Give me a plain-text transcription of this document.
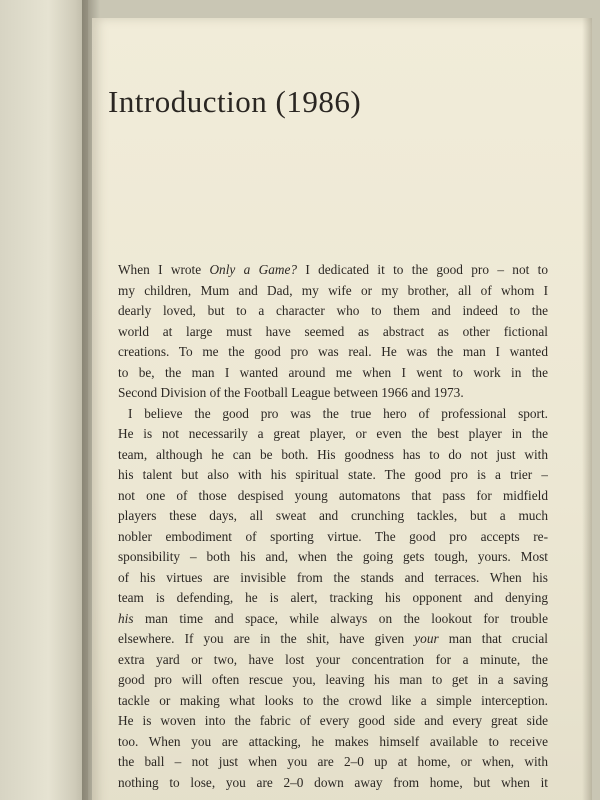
Introduction (1986)
When I wrote Only a Game? I dedicated it to the good pro – not to
my children, Mum and Dad, my wife or my brother, all of whom I
dearly loved, but to a character who to them and indeed to the
world at large must have seemed as abstract as other fictional
creations. To me the good pro was real. He was the man I wanted
to be, the man I wanted around me when I went to work in the
Second Division of the Football League between 1966 and 1973.
I believe the good pro was the true hero of professional sport.
He is not necessarily a great player, or even the best player in the
team, although he can be both. His goodness has to do not just with
his talent but also with his spiritual state. The good pro is a trier –
not one of those despised young automatons that pass for midfield
players these days, all sweat and crunching tackles, but a much
nobler embodiment of sporting virtue. The good pro accepts re-
sponsibility – both his and, when the going gets tough, yours. Most
of his virtues are invisible from the stands and terraces. When his
team is defending, he is alert, tracking his opponent and denying
his man time and space, while always on the lookout for trouble
elsewhere. If you are in the shit, have given your man that crucial
extra yard or two, have lost your concentration for a minute, the
good pro will often rescue you, leaving his man to get in a saving
tackle or making what looks to the crowd like a simple interception.
He is woven into the fabric of every good side and every great side
too. When you are attacking, he makes himself available to receive
the ball – not just when you are 2–0 up at home, or when, with
nothing to lose, you are 2–0 down away from home, but when it
